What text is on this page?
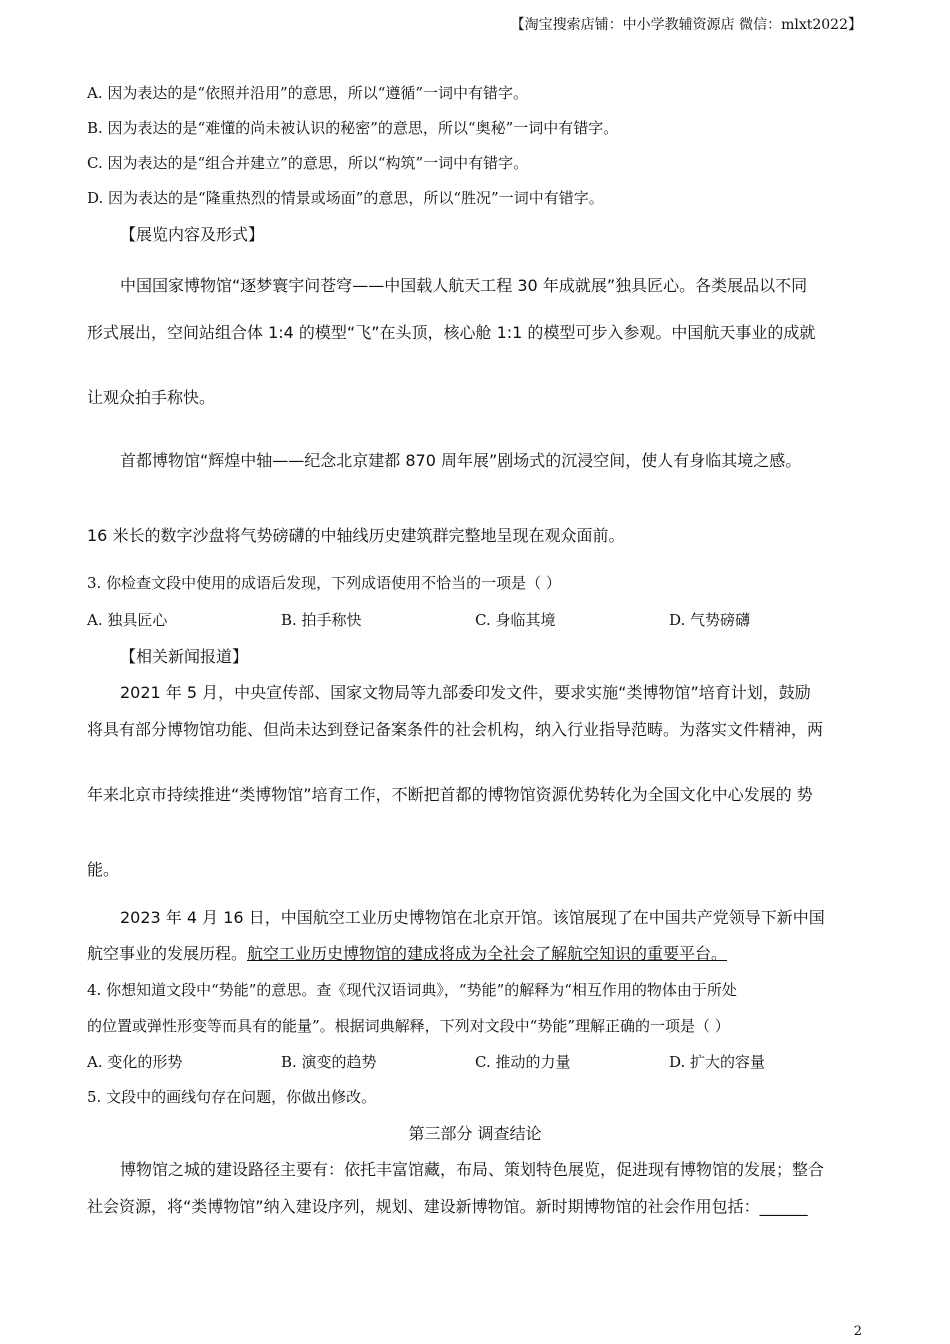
【淘宝搜索店铺：中小学教辅资源店 微信：mlxt2022】
A. 因为表达的是“依照并沿用”的意思，所以“遵循”一词中有错字。
B. 因为表达的是“难懂的尚未被认识的秘密”的意思，所以“奥秘”一词中有错字。
C. 因为表达的是“组合并建立”的意思，所以“构筑”一词中有错字。
D. 因为表达的是“隆重热烈的情景或场面”的意思，所以“胜况”一词中有错字。
【展览内容及形式】
中国国家博物馆“逐梦寰宇问苍穹——中国载人航天工程 30 年成就展”独具匠心。各类展品以不同
形式展出，空间站组合体 1:4 的模型“飞”在头顶，核心舱 1:1 的模型可步入参观。中国航天事业的成就
让观众拍手称快。
首都博物馆“辉煌中轴——纪念北京建都 870 周年展”剧场式的沉浸空间，使人有身临其境之感。
16 米长的数字沙盘将气势磅礴的中轴线历史建筑群完整地呈现在观众面前。
3. 你检查文段中使用的成语后发现，下列成语使用不恰当的一项是（ ）
A. 独具匠心	B. 拍手称快	C. 身临其境	D. 气势磅礴
【相关新闻报道】
2021 年 5 月，中央宣传部、国家文物局等九部委印发文件，要求实施“类博物馆”培育计划，鼓励
将具有部分博物馆功能、但尚未达到登记备案条件的社会机构，纳入行业指导范畴。为落实文件精神，两
年来北京市持续推进“类博物馆”培育工作，不断把首都的博物馆资源优势转化为全国文化中心发展的 势
能。
2023 年 4 月 16 日，中国航空工业历史博物馆在北京开馆。该馆展现了在中国共产党领导下新中国
航空事业的发展历程。航空工业历史博物馆的建成将成为全社会了解航空知识的重要平台。
4. 你想知道文段中“势能”的意思。查《现代汉语词典》，“势能”的解释为“相互作用的物体由于所处
的位置或弹性形变等而具有的能量”。根据词典解释，下列对文段中“势能”理解正确的一项是（ ）
A. 变化的形势	B. 演变的趋势	C. 推动的力量	D. 扩大的容量
5. 文段中的画线句存在问题，你做出修改。
第三部分 调查结论
博物馆之城的建设路径主要有：依托丰富馆藏，布局、策划特色展览，促进现有博物馆的发展；整合
社会资源，将“类博物馆”纳入建设序列，规划、建设新博物馆。新时期博物馆的社会作用包括：______
2
